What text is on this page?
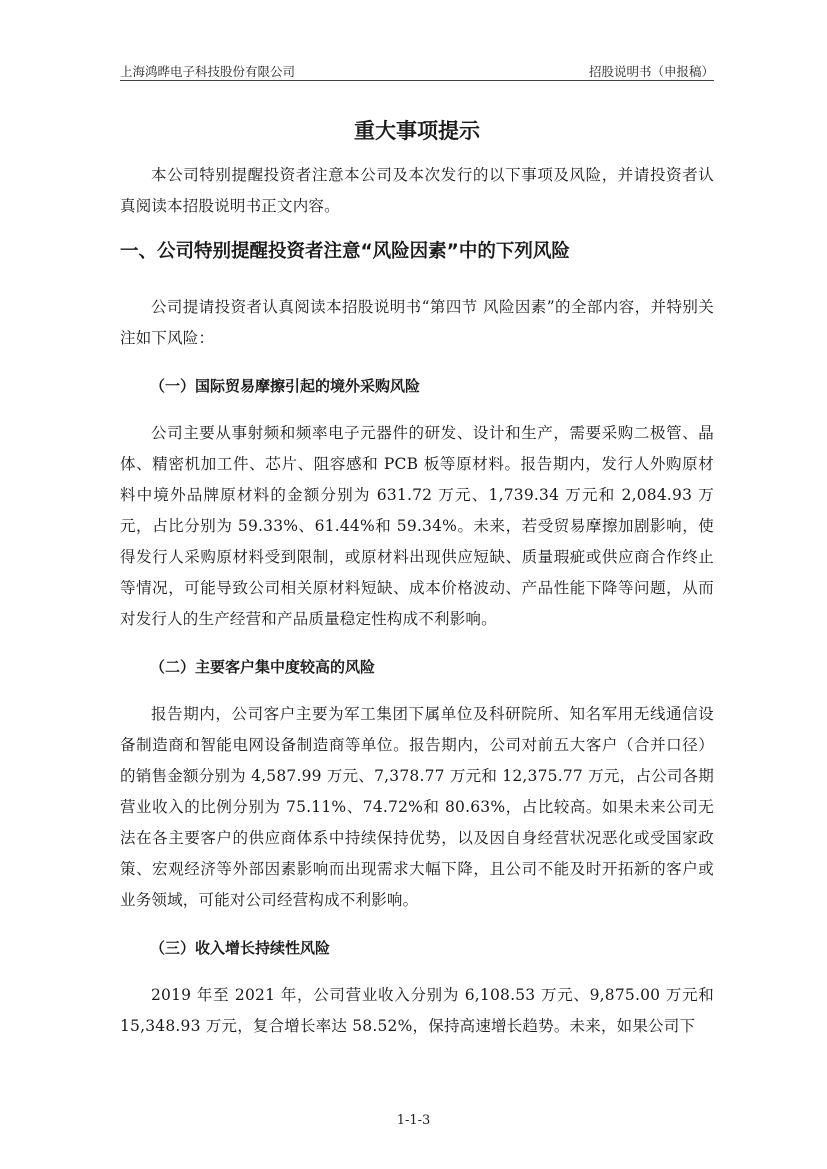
上海鸿晔电子科技股份有限公司	招股说明书（申报稿）
重大事项提示

本公司特别提醒投资者注意本公司及本次发行的以下事项及风险，并请投资者认真阅读本招股说明书正文内容。

一、公司特别提醒投资者注意“风险因素”中的下列风险

公司提请投资者认真阅读本招股说明书“第四节 风险因素”的全部内容，并特别关注如下风险：

（一）国际贸易摩擦引起的境外采购风险

公司主要从事射频和频率电子元器件的研发、设计和生产，需要采购二极管、晶体、精密机加工件、芯片、阻容感和 PCB 板等原材料。报告期内，发行人外购原材料中境外品牌原材料的金额分别为 631.72 万元、1,739.34 万元和 2,084.93 万元，占比分别为 59.33%、61.44%和 59.34%。未来，若受贸易摩擦加剧影响，使得发行人采购原材料受到限制，或原材料出现供应短缺、质量瑕疵或供应商合作终止等情况，可能导致公司相关原材料短缺、成本价格波动、产品性能下降等问题，从而对发行人的生产经营和产品质量稳定性构成不利影响。

（二）主要客户集中度较高的风险

报告期内，公司客户主要为军工集团下属单位及科研院所、知名军用无线通信设备制造商和智能电网设备制造商等单位。报告期内，公司对前五大客户（合并口径）的销售金额分别为 4,587.99 万元、7,378.77 万元和 12,375.77 万元，占公司各期营业收入的比例分别为 75.11%、74.72%和 80.63%，占比较高。如果未来公司无法在各主要客户的供应商体系中持续保持优势，以及因自身经营状况恶化或受国家政策、宏观经济等外部因素影响而出现需求大幅下降，且公司不能及时开拓新的客户或业务领域，可能对公司经营构成不利影响。

（三）收入增长持续性风险

2019 年至 2021 年，公司营业收入分别为 6,108.53 万元、9,875.00 万元和 15,348.93 万元，复合增长率达 58.52%，保持高速增长趋势。未来，如果公司下

1-1-3
